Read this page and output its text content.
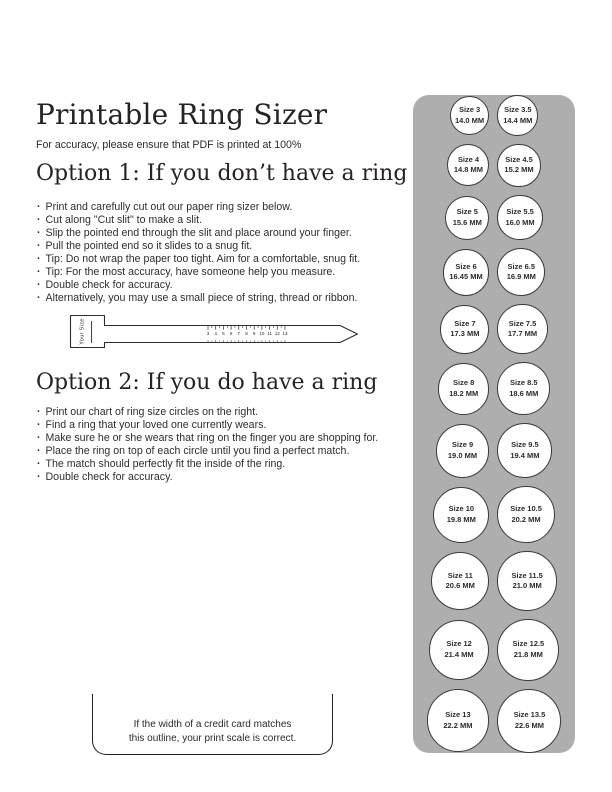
Printable Ring Sizer
For accuracy, please ensure that PDF is printed at 100%
Option 1: If you don’t have a ring
· Print and carefully cut out our paper ring sizer below.
· Cut along "Cut slit" to make a slit.
· Slip the pointed end through the slit and place around your finger.
· Pull the pointed end so it slides to a snug fit.
· Tip: Do not wrap the paper too tight. Aim for a comfortable, snug fit.
· Tip: For the most accuracy, have someone help you measure.
· Double check for accuracy.
· Alternatively, you may use a small piece of string, thread or ribbon.
Your Size	3 4 5 6 7 8 9 10 11 12 13
Option 2: If you do have a ring
· Print our chart of ring size circles on the right.
· Find a ring that your loved one currently wears.
· Make sure he or she wears that ring on the finger you are shopping for.
· Place the ring on top of each circle until you find a perfect match.
· The match should perfectly fit the inside of the ring.
· Double check for accuracy.
Size 3
14.0 MM
Size 3.5
14.4 MM
Size 4
14.8 MM
Size 4.5
15.2 MM
Size 5
15.6 MM
Size 5.5
16.0 MM
Size 6
16.45 MM
Size 6.5
16.9 MM
Size 7
17.3 MM
Size 7.5
17.7 MM
Size 8
18.2 MM
Size 8.5
18.6 MM
Size 9
19.0 MM
Size 9.5
19.4 MM
Size 10
19.8 MM
Size 10.5
20.2 MM
Size 11
20.6 MM
Size 11.5
21.0 MM
Size 12
21.4 MM
Size 12.5
21.8 MM
Size 13
22.2 MM
Size 13.5
22.6 MM
If the width of a credit card matches
this outline, your print scale is correct.
